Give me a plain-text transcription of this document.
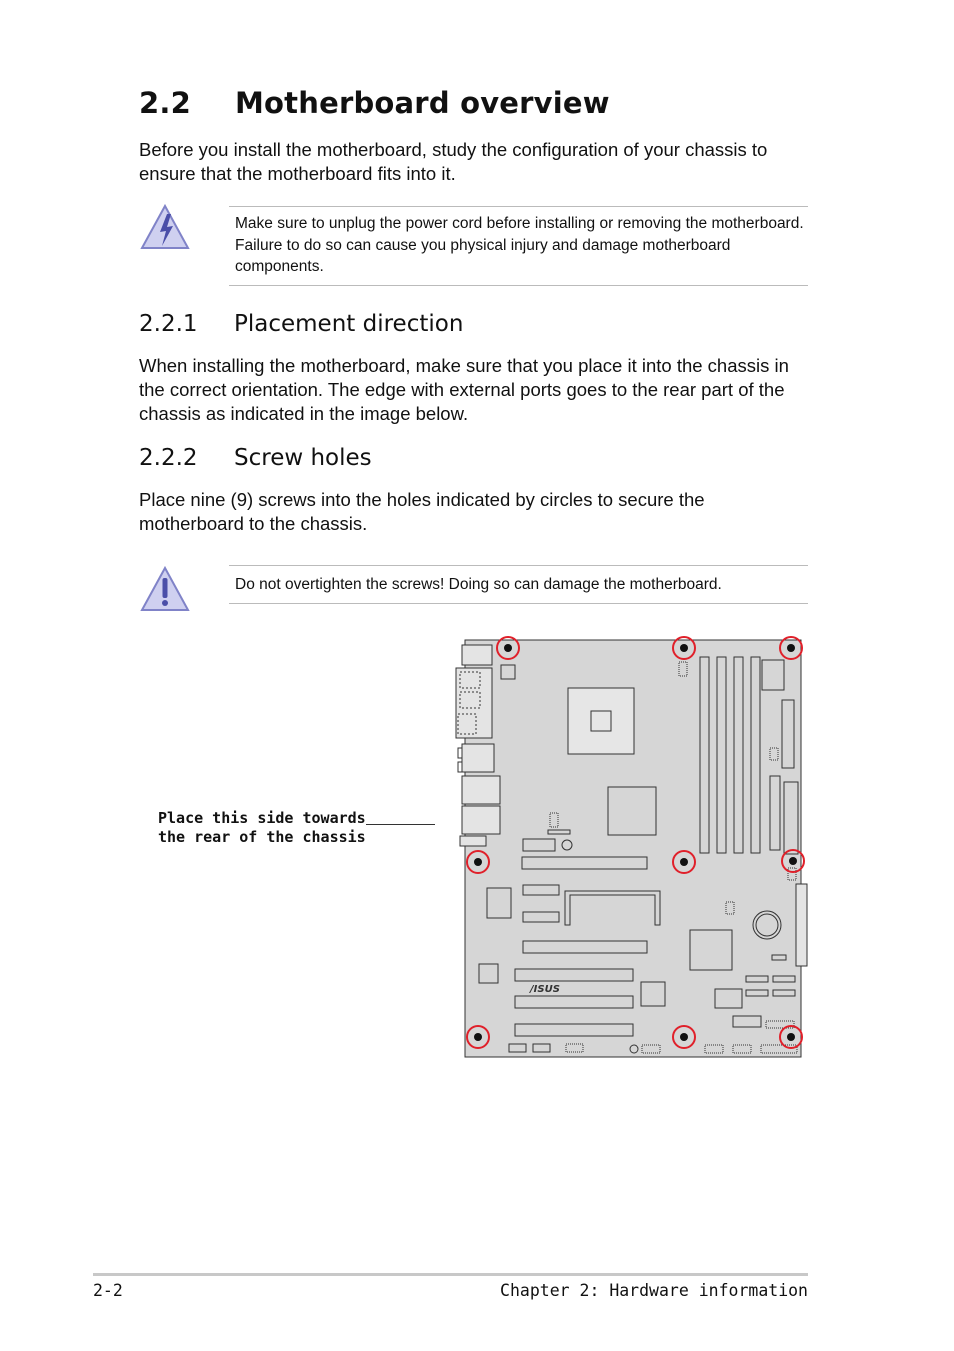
2.2 Motherboard overview
Before you install the motherboard, study the configuration of your chassis to ensure that the motherboard fits into it.
Make sure to unplug the power cord before installing or removing the motherboard. Failure to do so can cause you physical injury and damage motherboard components.
2.2.1 Placement direction
When installing the motherboard, make sure that you place it into the chassis in the correct orientation. The edge with external ports goes to the rear part of the chassis as indicated in the image below.
2.2.2 Screw holes
Place nine (9) screws into the holes indicated by circles to secure the motherboard to the chassis.
Do not overtighten the screws! Doing so can damage the motherboard.
Place this side towards
the rear of the chassis
/ISUS
2-2	Chapter 2: Hardware information
